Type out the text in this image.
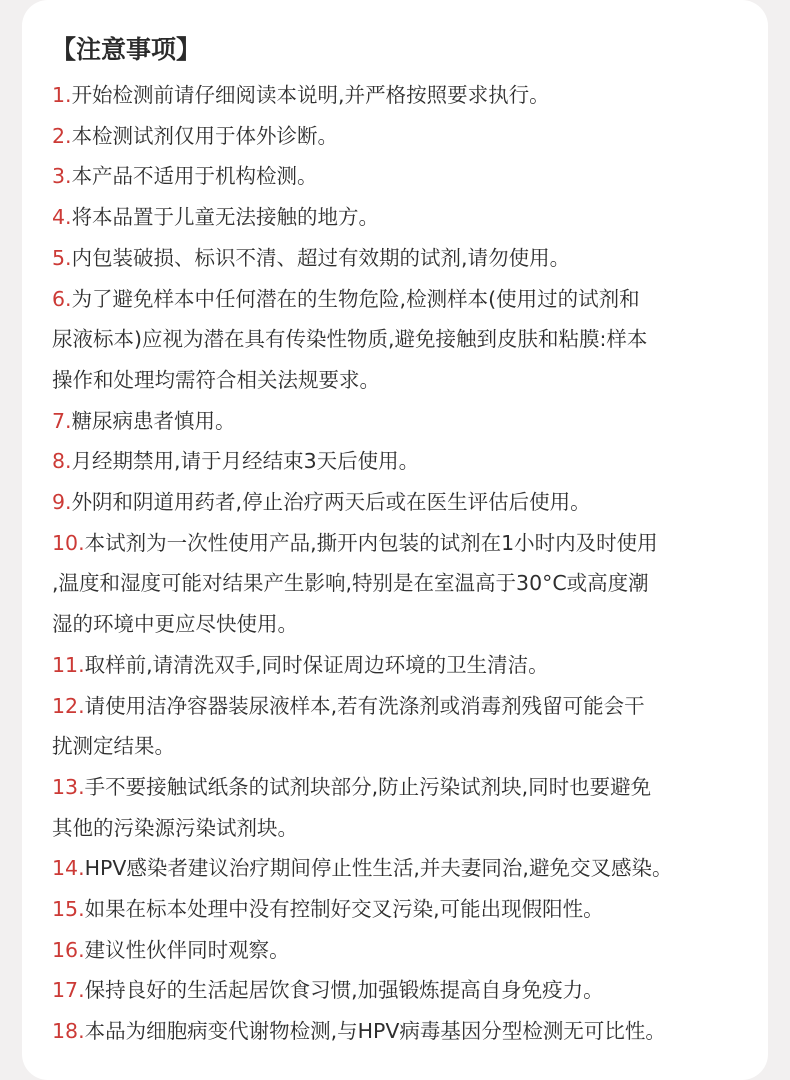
【注意事项】
1.开始检测前请仔细阅读本说明,并严格按照要求执行。
2.本检测试剂仅用于体外诊断。
3.本产品不适用于机构检测。
4.将本品置于儿童无法接触的地方。
5.内包装破损、标识不清、超过有效期的试剂,请勿使用。
6.为了避免样本中任何潜在的生物危险,检测样本(使用过的试剂和
尿液标本)应视为潜在具有传染性物质,避免接触到皮肤和粘膜:样本
操作和处理均需符合相关法规要求。
7.糖尿病患者慎用。
8.月经期禁用,请于月经结束3天后使用。
9.外阴和阴道用药者,停止治疗两天后或在医生评估后使用。
10.本试剂为一次性使用产品,撕开内包装的试剂在1小时内及时使用
,温度和湿度可能对结果产生影响,特别是在室温高于30°C或高度潮
湿的环境中更应尽快使用。
11.取样前,请清洗双手,同时保证周边环境的卫生清洁。
12.请使用洁净容器装尿液样本,若有洗涤剂或消毒剂残留可能会干
扰测定结果。
13.手不要接触试纸条的试剂块部分,防止污染试剂块,同时也要避免
其他的污染源污染试剂块。
14.HPV感染者建议治疗期间停止性生活,并夫妻同治,避免交叉感染。
15.如果在标本处理中没有控制好交叉污染,可能出现假阳性。
16.建议性伙伴同时观察。
17.保持良好的生活起居饮食习惯,加强锻炼提高自身免疫力。
18.本品为细胞病变代谢物检测,与HPV病毒基因分型检测无可比性。
